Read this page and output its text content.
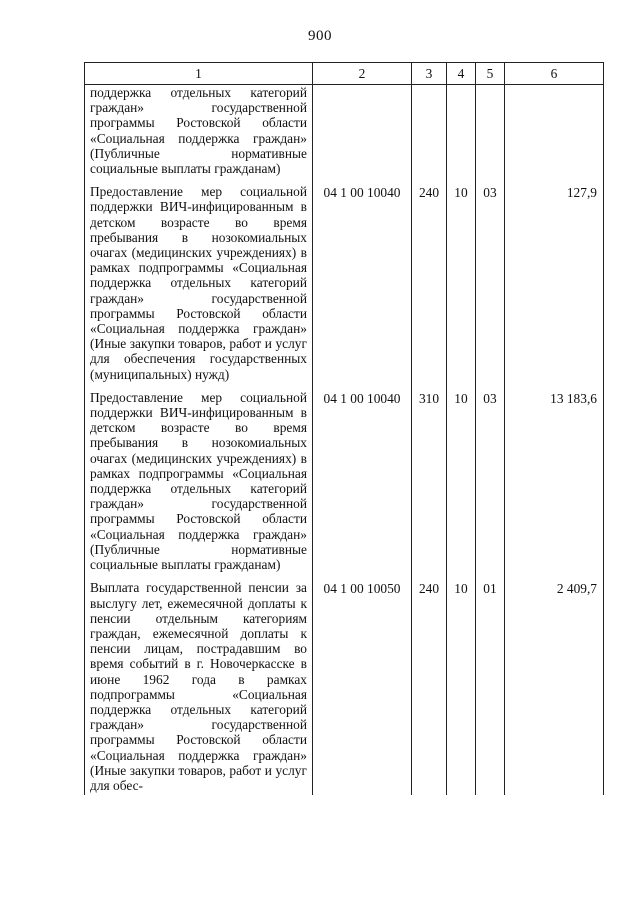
900
1	2	3	4	5	6
поддержка отдельных категорий граждан» государственной программы Ростовской области «Социальная поддержка граждан» (Публичные нормативные социальные выплаты гражданам)					

Предоставление мер социальной поддержки ВИЧ-инфицированным в детском возрасте во время пребывания в нозокомиальных очагах (медицинских учреждениях) в рамках подпрограммы «Социальная поддержка отдельных категорий граждан» государственной программы Ростовской области «Социальная поддержка граждан» (Иные закупки товаров, работ и услуг для обеспечения государственных (муниципальных) нужд)	04 1 00 10040	240	10	03	127,9

Предоставление мер социальной поддержки ВИЧ-инфицированным в детском возрасте во время пребывания в нозокомиальных очагах (медицинских учреждениях) в рамках подпрограммы «Социальная поддержка отдельных категорий граждан» государственной программы Ростовской области «Социальная поддержка граждан» (Публичные нормативные социальные выплаты гражданам)	04 1 00 10040	310	10	03	13 183,6

Выплата государственной пенсии за выслугу лет, ежемесячной доплаты к пенсии отдельным категориям граждан, ежемесячной доплаты к пенсии лицам, пострадавшим во время событий в г. Новочеркасске в июне 1962 года в рамках подпрограммы «Социальная поддержка отдельных категорий граждан» государственной программы Ростовской области «Социальная поддержка граждан» (Иные закупки товаров, работ и услуг для обес-	04 1 00 10050	240	10	01	2 409,7
